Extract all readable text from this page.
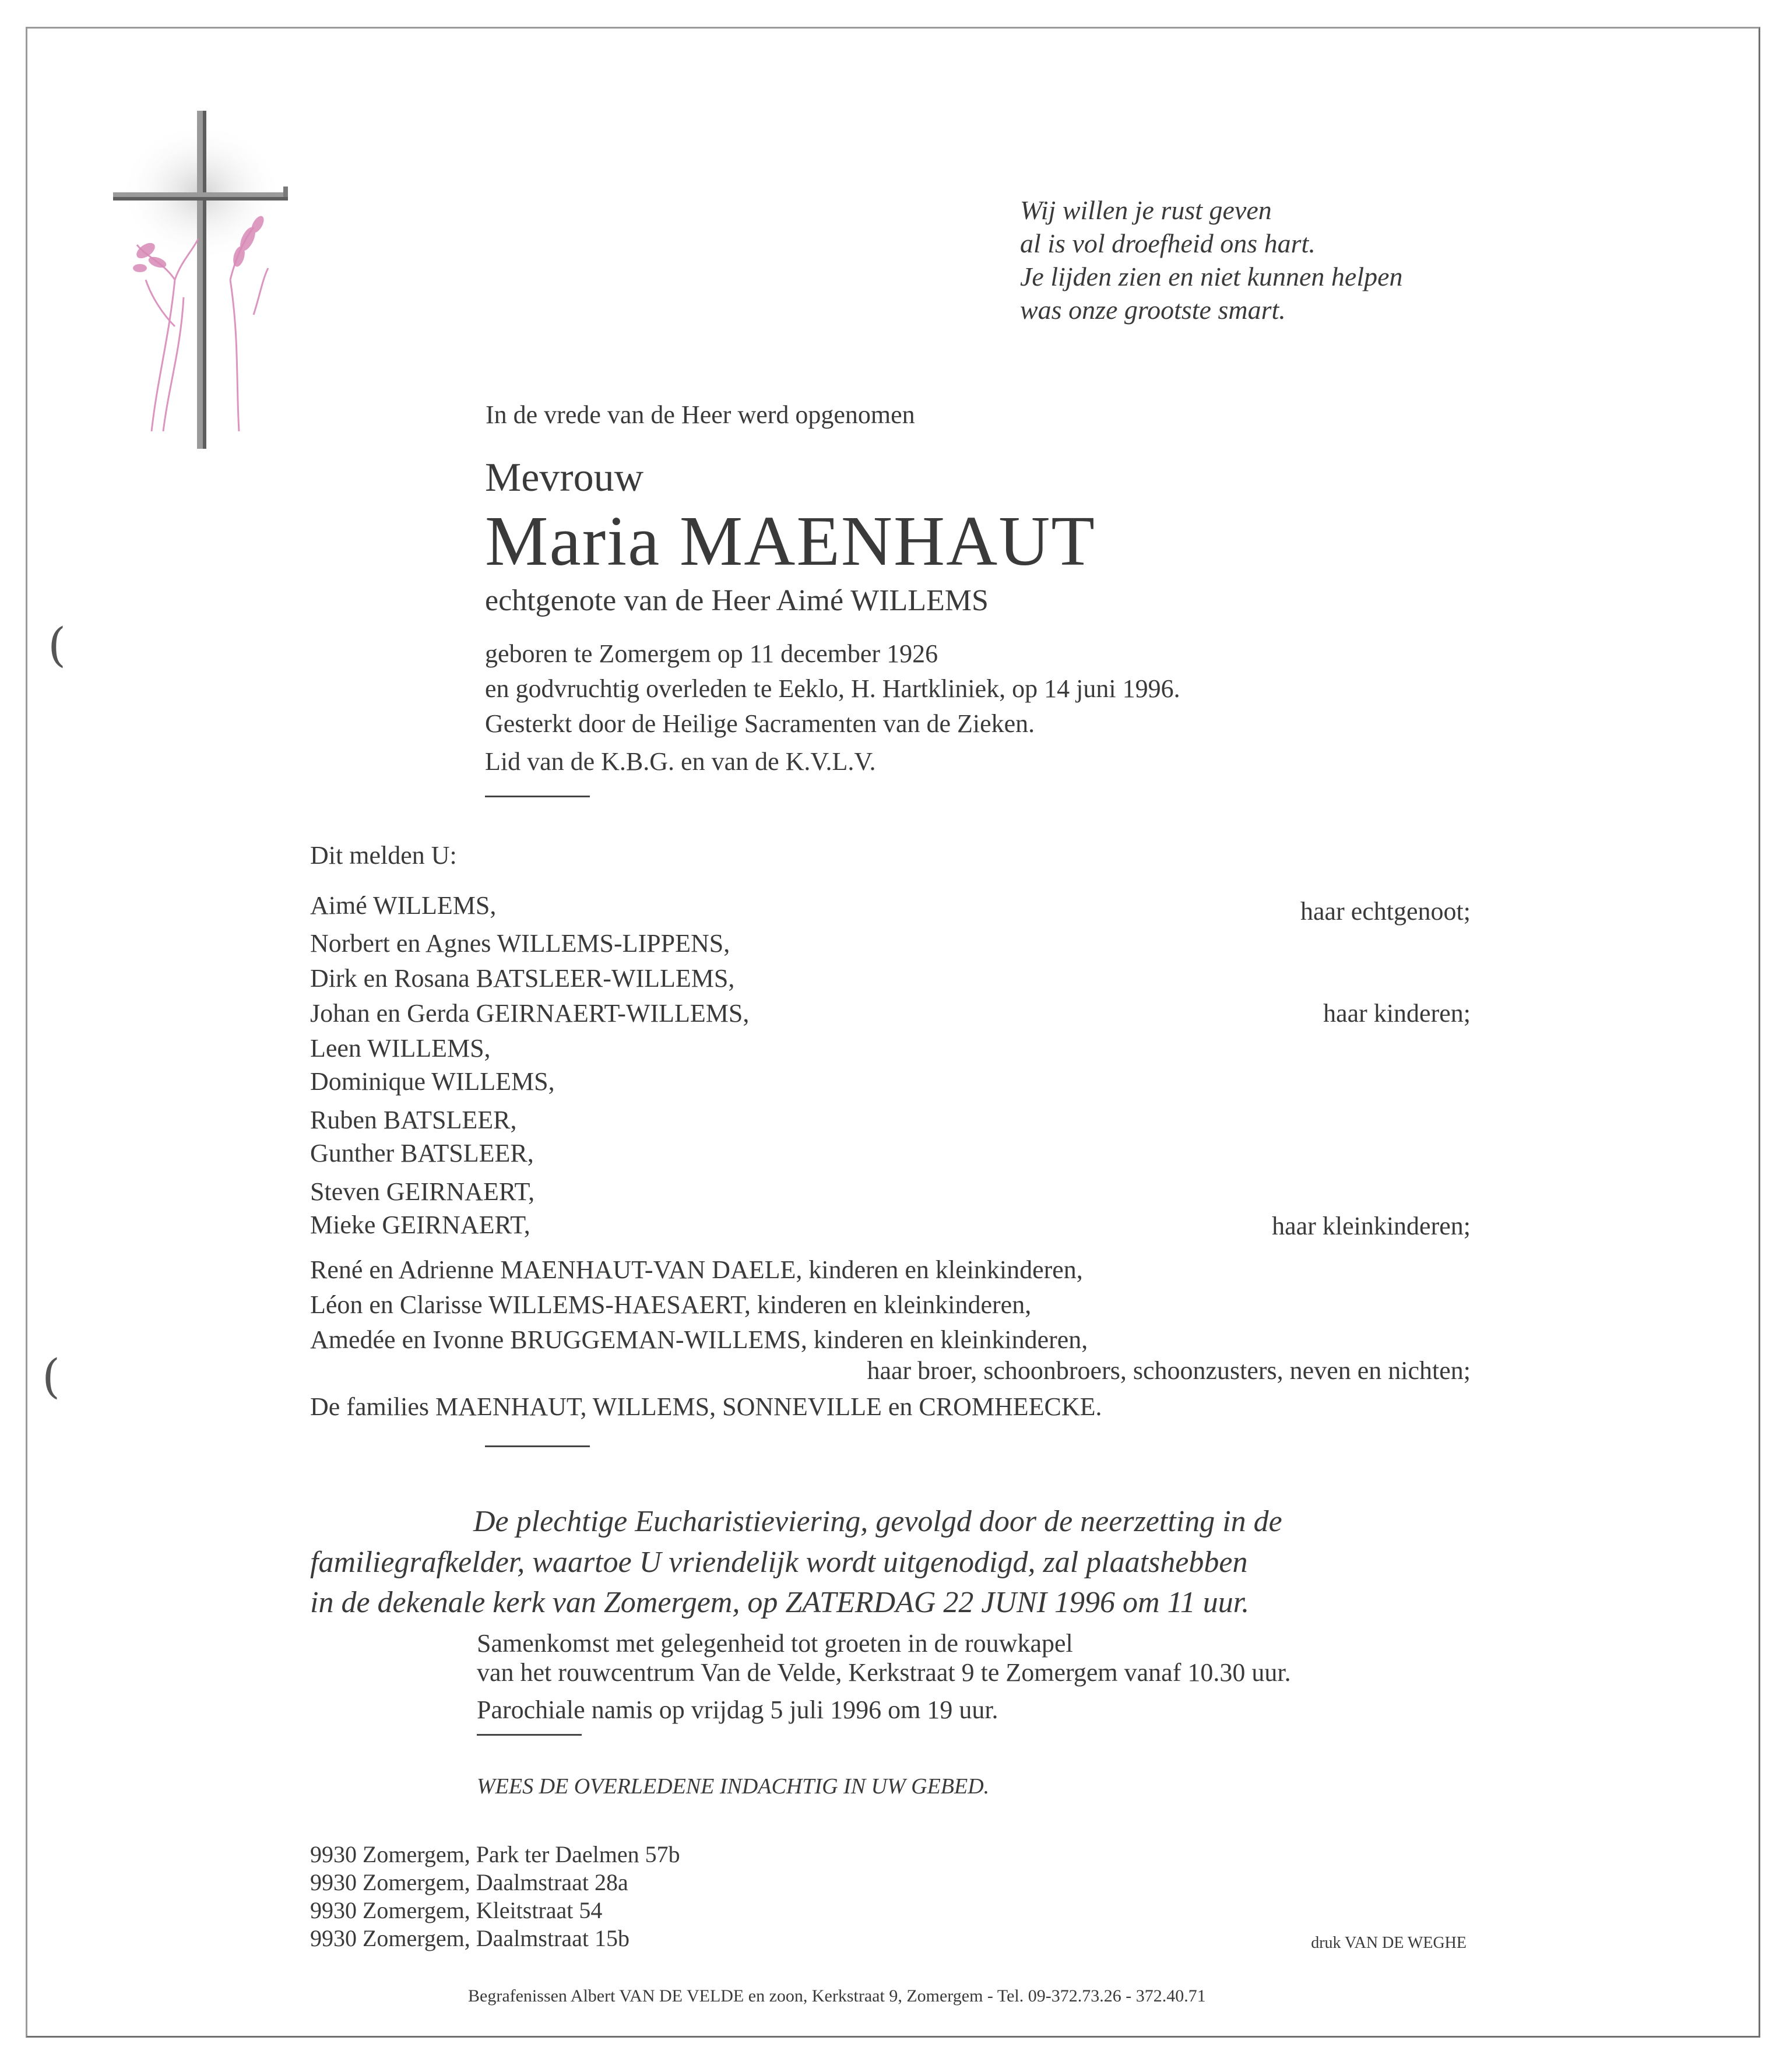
Wij willen je rust geven
al is vol droefheid ons hart.
Je lijden zien en niet kunnen helpen
was onze grootste smart.
In de vrede van de Heer werd opgenomen
Mevrouw
Maria MAENHAUT
echtgenote van de Heer Aimé WILLEMS
geboren te Zomergem op 11 december 1926
en godvruchtig overleden te Eeklo, H. Hartkliniek, op 14 juni 1996.
Gesterkt door de Heilige Sacramenten van de Zieken.
Lid van de K.B.G. en van de K.V.L.V.
Dit melden U:
Aimé WILLEMS,	haar echtgenoot;
Norbert en Agnes WILLEMS-LIPPENS,
Dirk en Rosana BATSLEER-WILLEMS,
Johan en Gerda GEIRNAERT-WILLEMS,	haar kinderen;
Leen WILLEMS,
Dominique WILLEMS,
Ruben BATSLEER,
Gunther BATSLEER,
Steven GEIRNAERT,
Mieke GEIRNAERT,	haar kleinkinderen;
René en Adrienne MAENHAUT-VAN DAELE, kinderen en kleinkinderen,
Léon en Clarisse WILLEMS-HAESAERT, kinderen en kleinkinderen,
Amedée en Ivonne BRUGGEMAN-WILLEMS, kinderen en kleinkinderen,
haar broer, schoonbroers, schoonzusters, neven en nichten;
De families MAENHAUT, WILLEMS, SONNEVILLE en CROMHEECKE.
De plechtige Eucharistieviering, gevolgd door de neerzetting in de
familiegrafkelder, waartoe U vriendelijk wordt uitgenodigd, zal plaatshebben
in de dekenale kerk van Zomergem, op ZATERDAG 22 JUNI 1996 om 11 uur.
Samenkomst met gelegenheid tot groeten in de rouwkapel
van het rouwcentrum Van de Velde, Kerkstraat 9 te Zomergem vanaf 10.30 uur.
Parochiale namis op vrijdag 5 juli 1996 om 19 uur.
WEES DE OVERLEDENE INDACHTIG IN UW GEBED.
9930 Zomergem, Park ter Daelmen 57b
9930 Zomergem, Daalmstraat 28a
9930 Zomergem, Kleitstraat 54
9930 Zomergem, Daalmstraat 15b	druk VAN DE WEGHE
Begrafenissen Albert VAN DE VELDE en zoon, Kerkstraat 9, Zomergem - Tel. 09-372.73.26 - 372.40.71
(
(
